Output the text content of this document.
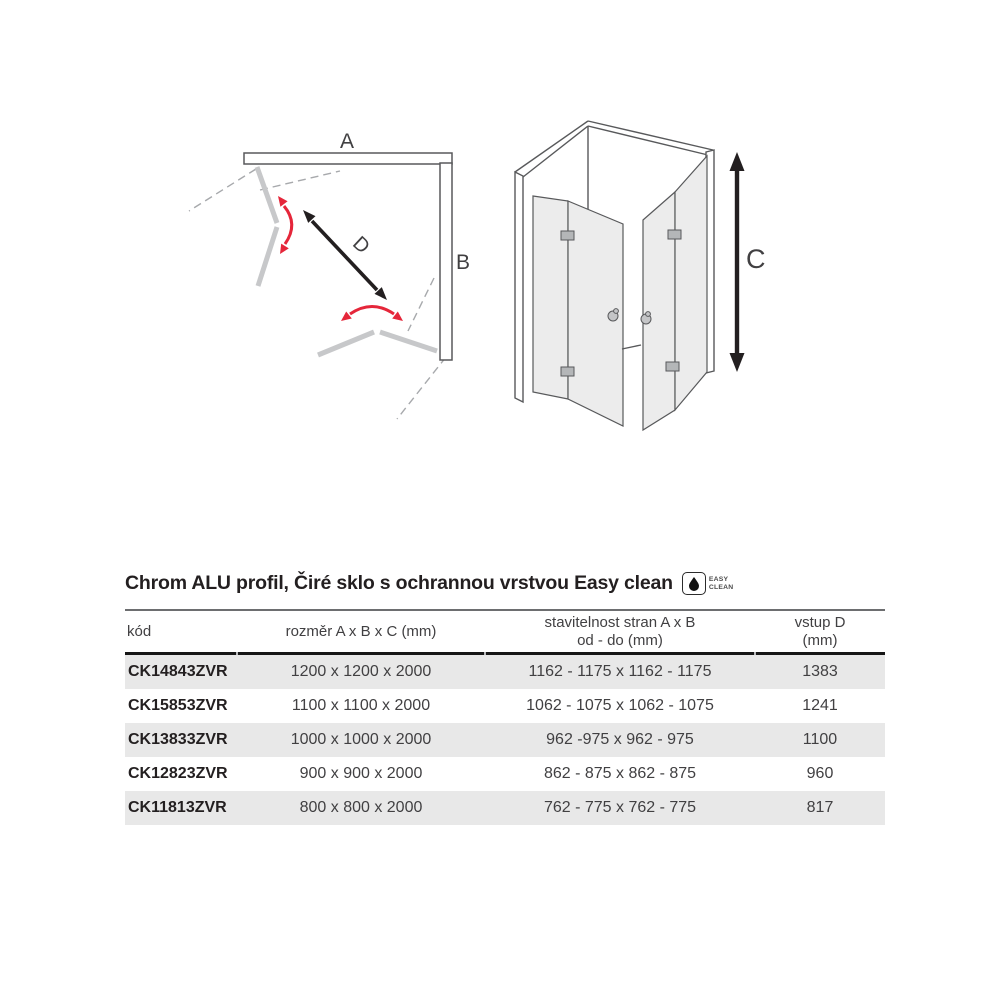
A
B
D	C
Chrom ALU profil, Čiré sklo s ochrannou vrstvou Easy clean	EASY
CLEAN
kód	rozměr A x B x C (mm)
stavitelnost stran A x B
od - do (mm)
vstup D
(mm)
CK14843ZVR	1200 x 1200 x 2000	1162 - 1175 x 1162 - 1175	1383
CK15853ZVR	1100 x 1100 x 2000	1062 - 1075 x 1062 - 1075	1241
CK13833ZVR	1000 x 1000 x 2000	962 -975 x 962 - 975	1100
CK12823ZVR	900 x 900 x 2000	862 - 875 x 862 - 875	960
CK11813ZVR	800 x 800 x 2000	762 - 775 x 762 - 775	817
